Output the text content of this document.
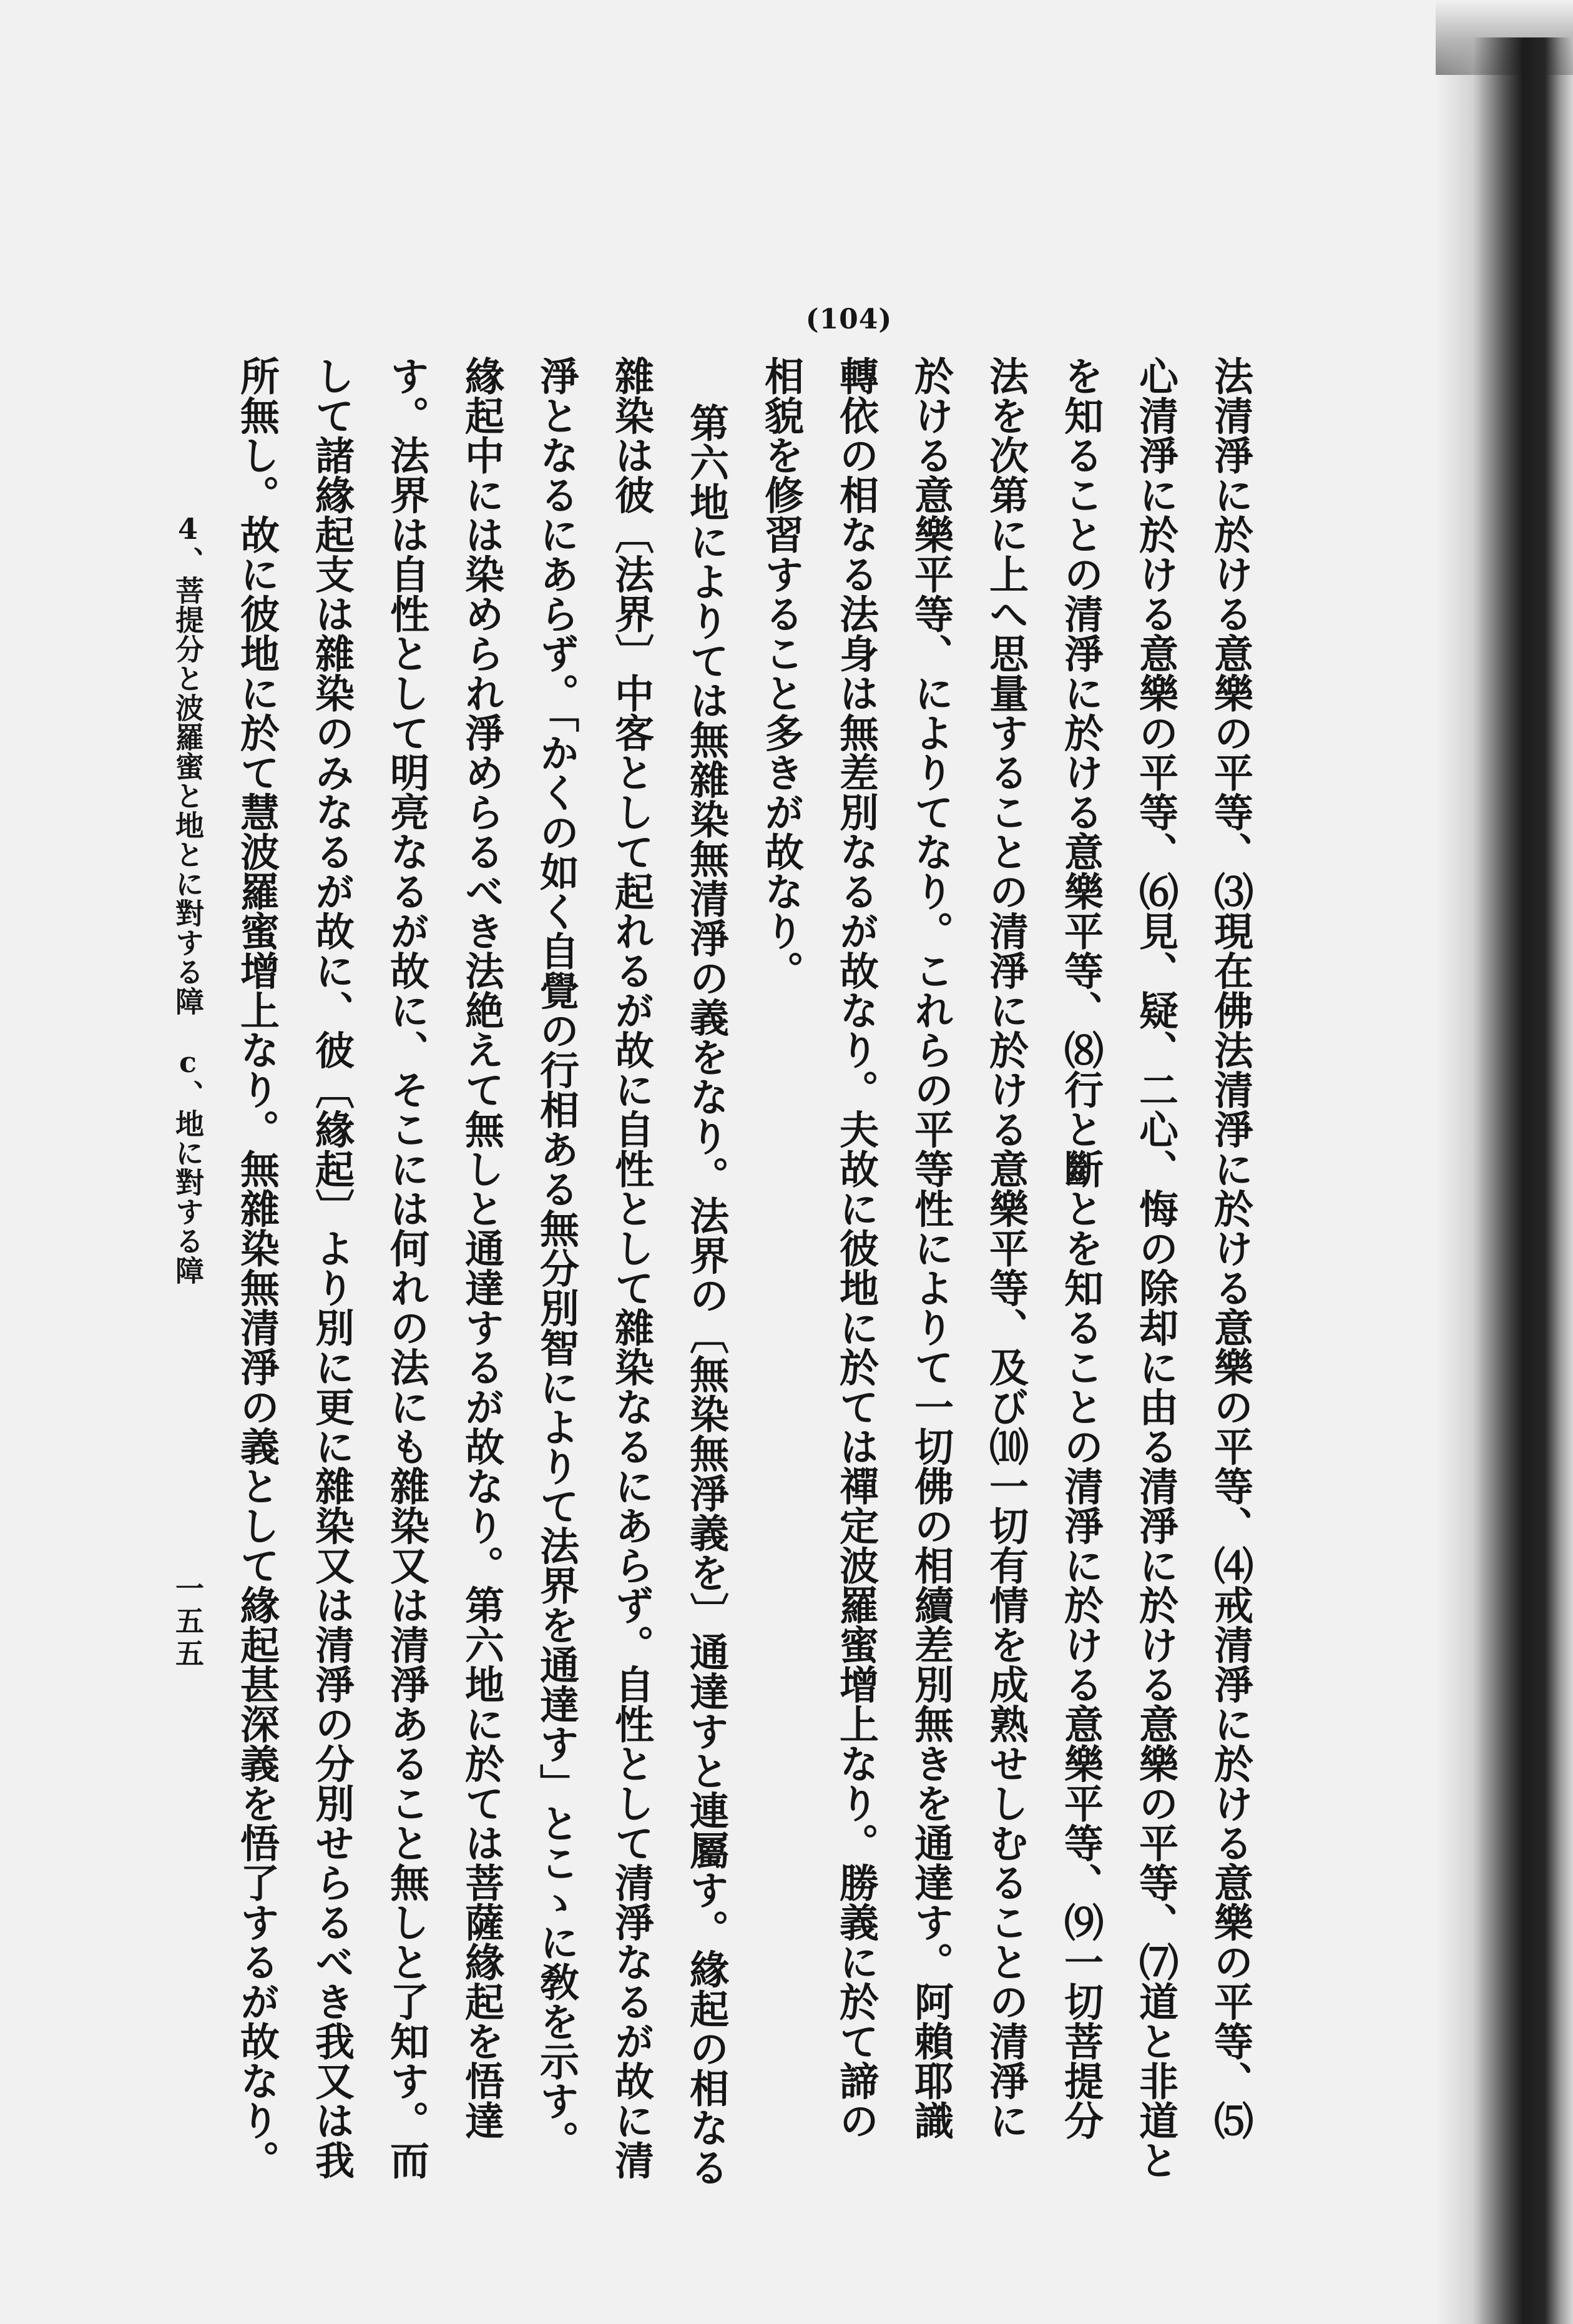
(104)
法清淨に於ける意樂の平等、⑶現在佛法清淨に於ける意樂の平等、⑷戒清淨に於ける意樂の平等、⑸
心清淨に於ける意樂の平等、⑹見、疑、二心、悔の除却に由る清淨に於ける意樂の平等、⑺道と非道と
を知ることの清淨に於ける意樂平等、⑻行と斷とを知ることの清淨に於ける意樂平等、⑼一切菩提分
法を次第に上へ思量することの清淨に於ける意樂平等、及び⑽一切有情を成熟せしむることの清淨に
於ける意樂平等、によりてなり。これらの平等性によりて一切佛の相續差別無きを通達す。阿賴耶識
轉依の相なる法身は無差別なるが故なり。夫故に彼地に於ては禪定波羅蜜增上なり。勝義に於て諦の
相貌を修習すること多きが故なり。
第六地によりては無雜染無清淨の義をなり。法界の〔無染無淨義を〕通達すと連屬す。緣起の相なる
雜染は彼〔法界〕中客として起れるが故に自性として雜染なるにあらず。自性として清淨なるが故に清
淨となるにあらず。「かくの如く自覺の行相ある無分別智によりて法界を通達す」とこゝに敎を示す。
緣起中には染められ淨めらるべき法絶えて無しと通達するが故なり。第六地に於ては菩薩緣起を悟達
す。法界は自性として明亮なるが故に、そこには何れの法にも雜染又は清淨あること無しと了知す。而
して諸緣起支は雜染のみなるが故に、彼〔緣起〕より別に更に雜染又は清淨の分別せらるべき我又は我
所無し。故に彼地に於て慧波羅蜜增上なり。無雜染無清淨の義として緣起甚深義を悟了するが故なり。
4、菩提分と波羅蜜と地とに對する障　c、地に對する障
一五五
